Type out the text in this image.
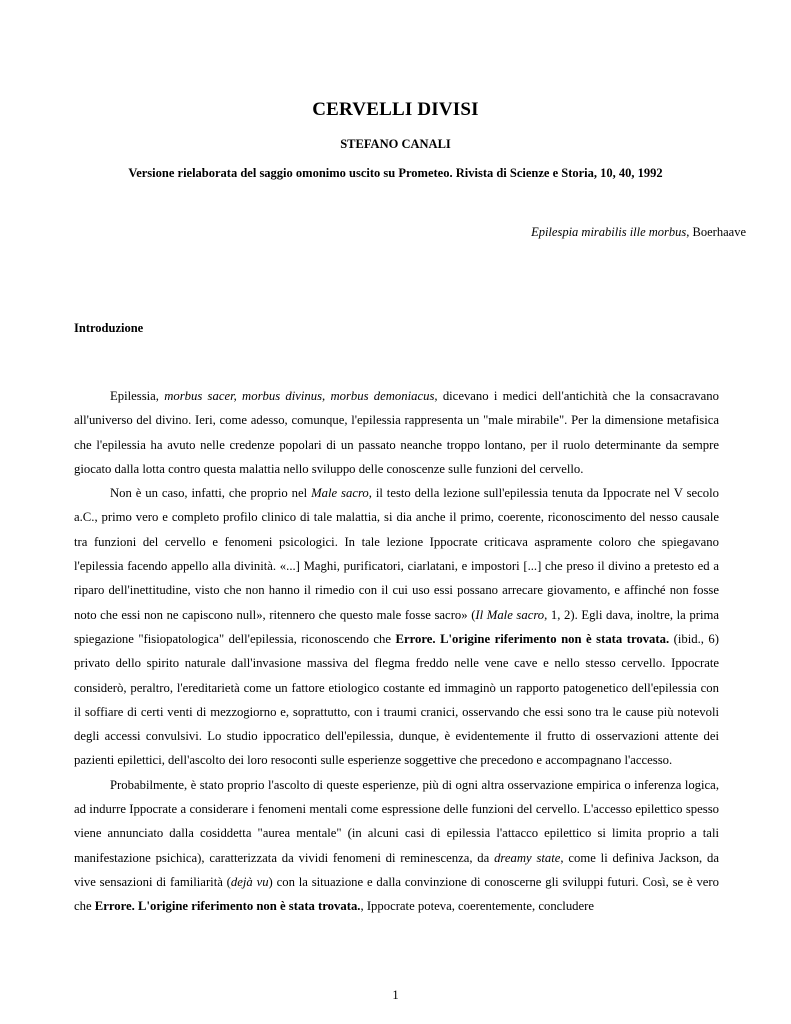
CERVELLI DIVISI
STEFANO CANALI
Versione rielaborata del saggio omonimo uscito su Prometeo. Rivista di Scienze e Storia, 10, 40, 1992
Epilespia mirabilis ille morbus, Boerhaave
Introduzione

Epilessia, morbus sacer, morbus divinus, morbus demoniacus, dicevano i medici dell'antichità che la consacravano all'universo del divino. Ieri, come adesso, comunque, l'epilessia rappresenta un "male mirabile". Per la dimensione metafisica che l'epilessia ha avuto nelle credenze popolari di un passato neanche troppo lontano, per il ruolo determinante da sempre giocato dalla lotta contro questa malattia nello sviluppo delle conoscenze sulle funzioni del cervello.

Non è un caso, infatti, che proprio nel Male sacro, il testo della lezione sull'epilessia tenuta da Ippocrate nel V secolo a.C., primo vero e completo profilo clinico di tale malattia, si dia anche il primo, coerente, riconoscimento del nesso causale tra funzioni del cervello e fenomeni psicologici. In tale lezione Ippocrate criticava aspramente coloro che spiegavano l'epilessia facendo appello alla divinità. «...] Maghi, purificatori, ciarlatani, e impostori [...] che preso il divino a pretesto ed a riparo dell'inettitudine, visto che non hanno il rimedio con il cui uso essi possano arrecare giovamento, e affinché non fosse noto che essi non ne capiscono null», ritennero che questo male fosse sacro» (Il Male sacro, 1, 2). Egli dava, inoltre, la prima spiegazione "fisiopatologica" dell'epilessia, riconoscendo che Errore. L'origine riferimento non è stata trovata. (ibid., 6) privato dello spirito naturale dall'invasione massiva del flegma freddo nelle vene cave e nello stesso cervello. Ippocrate considerò, peraltro, l'ereditarietà come un fattore etiologico costante ed immaginò un rapporto patogenetico dell'epilessia con il soffiare di certi venti di mezzogiorno e, soprattutto, con i traumi cranici, osservando che essi sono tra le cause più notevoli degli accessi convulsivi. Lo studio ippocratico dell'epilessia, dunque, è evidentemente il frutto di osservazioni attente dei pazienti epilettici, dell'ascolto dei loro resoconti sulle esperienze soggettive che precedono e accompagnano l'accesso.

Probabilmente, è stato proprio l'ascolto di queste esperienze, più di ogni altra osservazione empirica o inferenza logica, ad indurre Ippocrate a considerare i fenomeni mentali come espressione delle funzioni del cervello. L'accesso epilettico spesso viene annunciato dalla cosiddetta "aurea mentale" (in alcuni casi di epilessia l'attacco epilettico si limita proprio a tali manifestazione psichica), caratterizzata da vividi fenomeni di reminescenza, da dreamy state, come li definiva Jackson, da vive sensazioni di familiarità (dejà vu) con la situazione e dalla convinzione di conoscerne gli sviluppi futuri. Così, se è vero che Errore. L'origine riferimento non è stata trovata., Ippocrate poteva, coerentemente, concludere

1
